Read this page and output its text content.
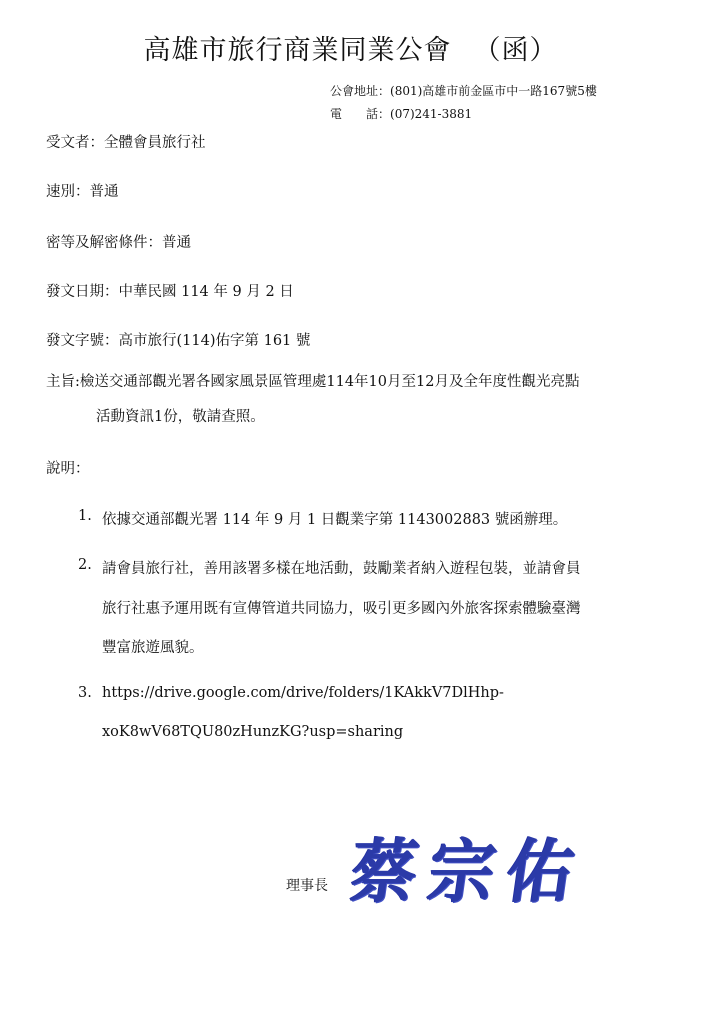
高雄市旅行商業同業公會 （函）
公會地址：(801)高雄市前金區市中一路167號5樓
電　　話：(07)241-3881
受文者：全體會員旅行社
速別：普通
密等及解密條件：普通
發文日期：中華民國 114 年 9 月 2 日
發文字號：高市旅行(114)佑字第 161 號
主旨:檢送交通部觀光署各國家風景區管理處114年10月至12月及全年度性觀光亮點
活動資訊1份，敬請查照。
說明：
1. 依據交通部觀光署 114 年 9 月 1 日觀業字第 1143002883 號函辦理。
2. 請會員旅行社，善用該署多樣在地活動，鼓勵業者納入遊程包裝，並請會員
旅行社惠予運用既有宣傳管道共同協力，吸引更多國內外旅客探索體驗臺灣
豐富旅遊風貌。
3. https://drive.google.com/drive/folders/1KAkkV7DlHhp-
xoK8wV68TQU80zHunzKG?usp=sharing
理事長 蔡宗佑
